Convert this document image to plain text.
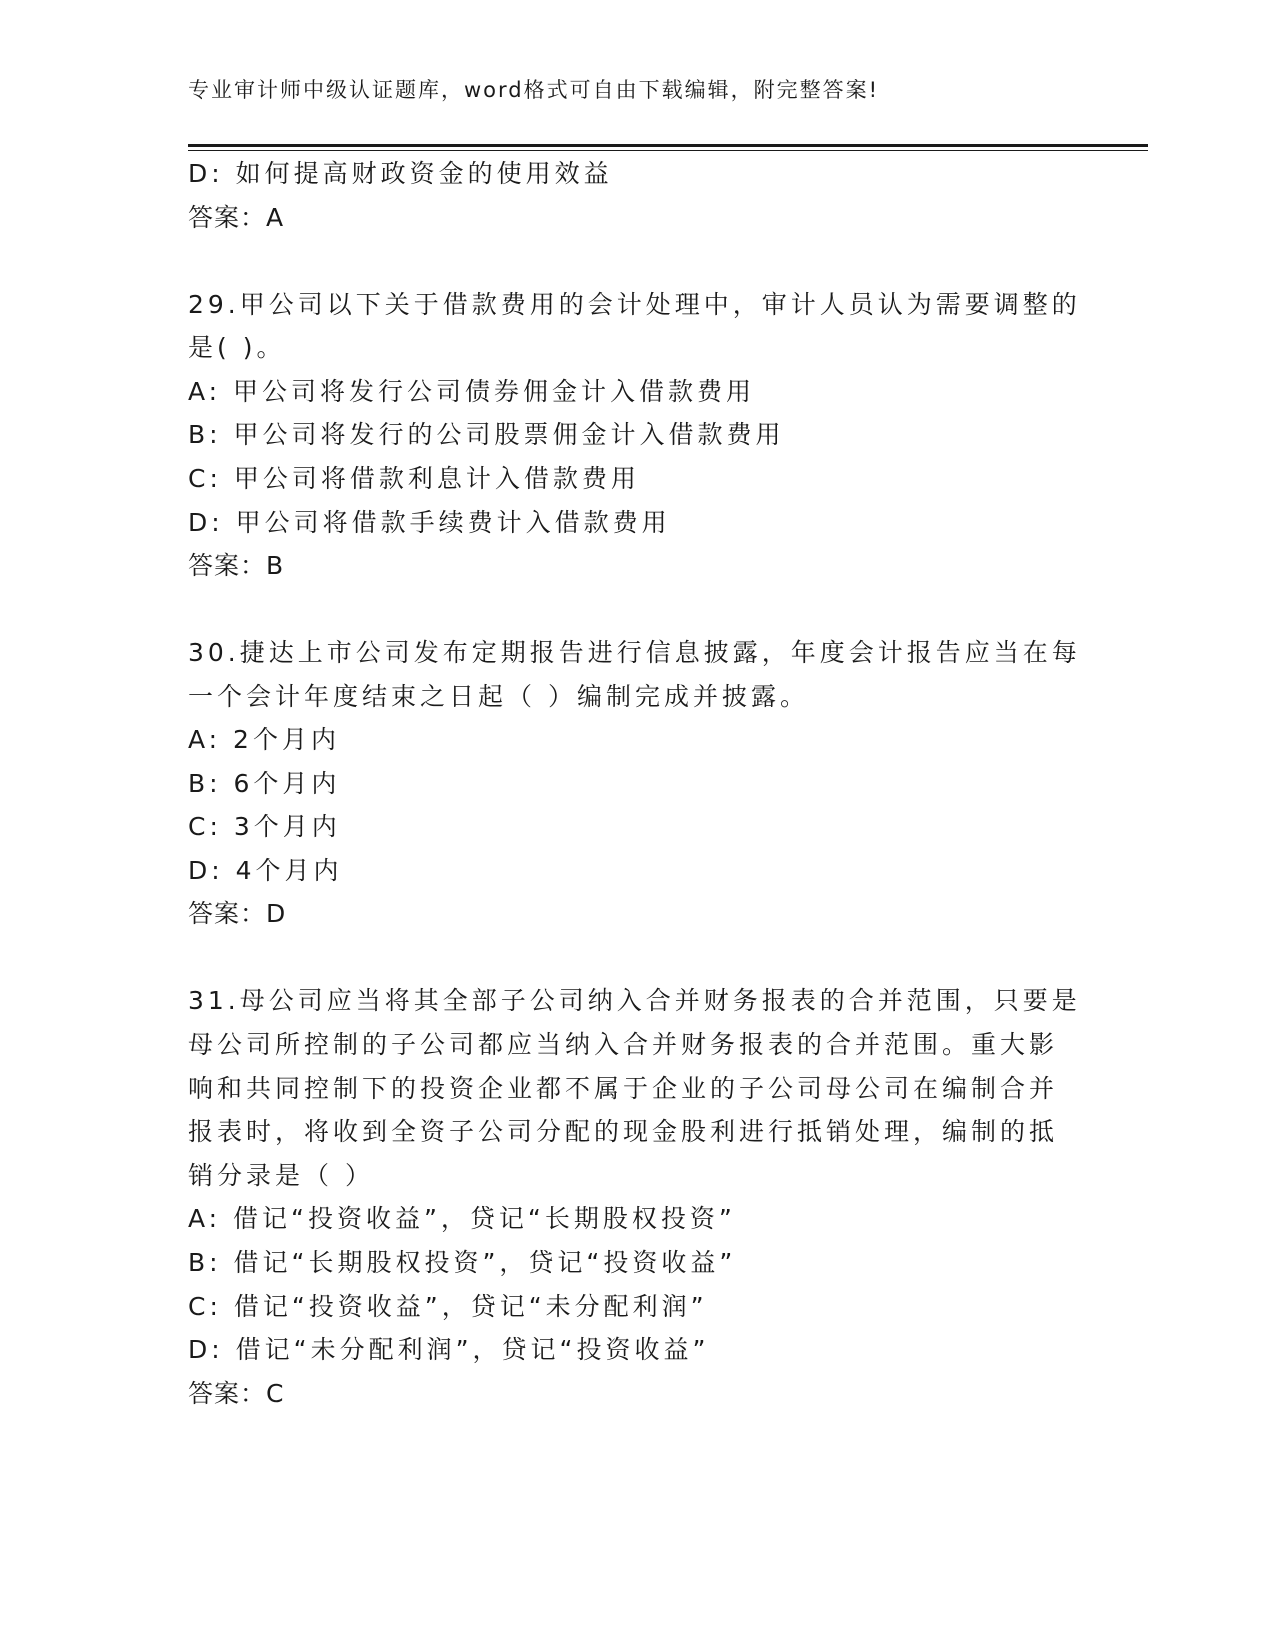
专业审计师中级认证题库，word格式可自由下载编辑，附完整答案!
D: 如何提高财政资金的使用效益
答案：A
29.甲公司以下关于借款费用的会计处理中，审计人员认为需要调整的
是( )。
A: 甲公司将发行公司债券佣金计入借款费用
B: 甲公司将发行的公司股票佣金计入借款费用
C: 甲公司将借款利息计入借款费用
D: 甲公司将借款手续费计入借款费用
答案：B
30.捷达上市公司发布定期报告进行信息披露，年度会计报告应当在每
一个会计年度结束之日起（ ）编制完成并披露。
A: 2个月内
B: 6个月内
C: 3个月内
D: 4个月内
答案：D
31.母公司应当将其全部子公司纳入合并财务报表的合并范围，只要是
母公司所控制的子公司都应当纳入合并财务报表的合并范围。重大影
响和共同控制下的投资企业都不属于企业的子公司母公司在编制合并
报表时，将收到全资子公司分配的现金股利进行抵销处理，编制的抵
销分录是（ ）
A: 借记“投资收益”，贷记“长期股权投资”
B: 借记“长期股权投资”，贷记“投资收益”
C: 借记“投资收益”，贷记“未分配利润”
D: 借记“未分配利润”，贷记“投资收益”
答案：C
